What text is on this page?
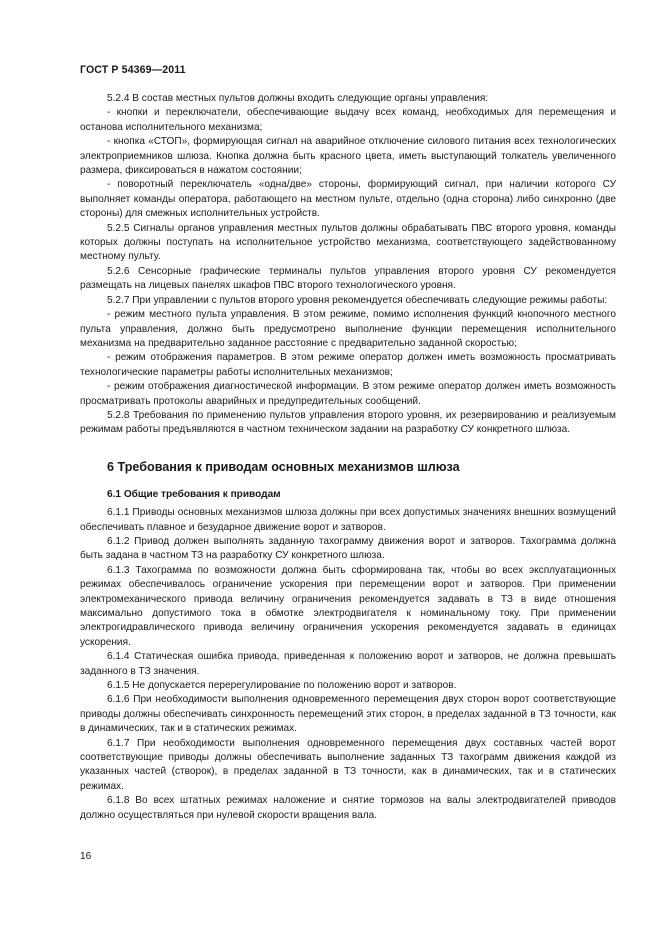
ГОСТ Р 54369—2011

5.2.4 В состав местных пультов должны входить следующие органы управления:

- кнопки и переключатели, обеспечивающие выдачу всех команд, необходимых для перемещения и останова исполнительного механизма;

- кнопка «СТОП», формирующая сигнал на аварийное отключение силового питания всех технологических электроприемников шлюза. Кнопка должна быть красного цвета, иметь выступающий толкатель увеличенного размера, фиксироваться в нажатом состоянии;

- поворотный переключатель «одна/две» стороны, формирующий сигнал, при наличии которого СУ выполняет команды оператора, работающего на местном пульте, отдельно (одна сторона) либо синхронно (две стороны) для смежных исполнительных устройств.

5.2.5 Сигналы органов управления местных пультов должны обрабатывать ПВС второго уровня, команды которых должны поступать на исполнительное устройство механизма, соответствующего задействованному местному пульту.

5.2.6 Сенсорные графические терминалы пультов управления второго уровня СУ рекомендуется размещать на лицевых панелях шкафов ПВС второго технологического уровня.

5.2.7 При управлении с пультов второго уровня рекомендуется обеспечивать следующие режимы работы:

- режим местного пульта управления. В этом режиме, помимо исполнения функций кнопочного местного пульта управления, должно быть предусмотрено выполнение функции перемещения исполнительного механизма на предварительно заданное расстояние с предварительно заданной скоростью;

- режим отображения параметров. В этом режиме оператор должен иметь возможность просматривать технологические параметры работы исполнительных механизмов;

- режим отображения диагностической информации. В этом режиме оператор должен иметь возможность просматривать протоколы аварийных и предупредительных сообщений.

5.2.8 Требования по применению пультов управления второго уровня, их резервированию и реализуемым режимам работы предъявляются в частном техническом задании на разработку СУ конкретного шлюза.

6 Требования к приводам основных механизмов шлюза
6.1 Общие требования к приводам

6.1.1 Приводы основных механизмов шлюза должны при всех допустимых значениях внешних возмущений обеспечивать плавное и безударное движение ворот и затворов.

6.1.2 Привод должен выполнять заданную тахограмму движения ворот и затворов. Тахограмма должна быть задана в частном ТЗ на разработку СУ конкретного шлюза.

6.1.3 Тахограмма по возможности должна быть сформирована так, чтобы во всех эксплуатационных режимах обеспечивалось ограничение ускорения при перемещении ворот и затворов. При применении электромеханического привода величину ограничения рекомендуется задавать в ТЗ в виде отношения максимально допустимого тока в обмотке электродвигателя к номинальному току. При применении электрогидравлического привода величину ограничения ускорения рекомендуется задавать в единицах ускорения.

6.1.4 Статическая ошибка привода, приведенная к положению ворот и затворов, не должна превышать заданного в ТЗ значения.

6.1.5 Не допускается перерегулирование по положению ворот и затворов.

6.1.6 При необходимости выполнения одновременного перемещения двух сторон ворот соответствующие приводы должны обеспечивать синхронность перемещений этих сторон, в пределах заданной в ТЗ точности, как в динамических, так и в статических режимах.

6.1.7 При необходимости выполнения одновременного перемещения двух составных частей ворот соответствующие приводы должны обеспечивать выполнение заданных ТЗ тахограмм движения каждой из указанных частей (створок), в пределах заданной в ТЗ точности, как в динамических, так и в статических режимах.

6.1.8 Во всех штатных режимах наложение и снятие тормозов на валы электродвигателей приводов должно осуществляться при нулевой скорости вращения вала.

16
